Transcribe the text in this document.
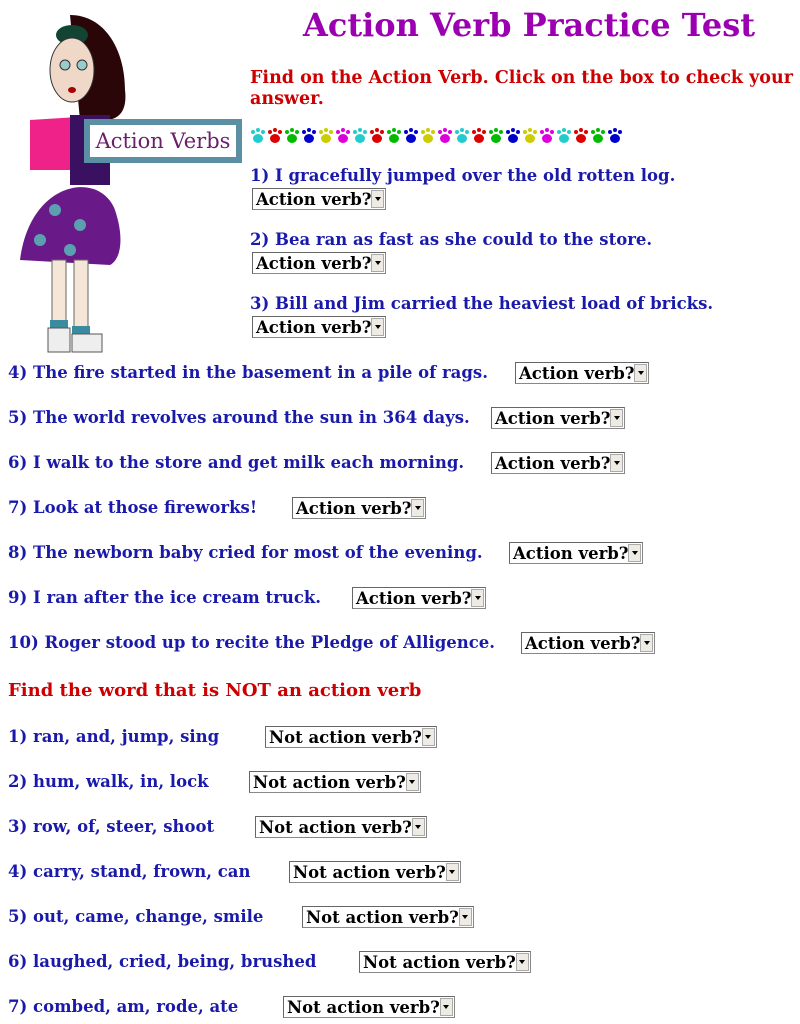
Action Verbs
Action Verb Practice Test
Find on the Action Verb. Click on the box to check your answer.
Find the word that is NOT an action verb
1) I gracefully jumped over the old rotten log.
Action verb?
2) Bea ran as fast as she could to the store.
Action verb?
3) Bill and Jim carried the heaviest load of bricks.
Action verb?
4) The fire started in the basement in a pile of rags. Action verb?
5) The world revolves around the sun in 364 days. Action verb?
6) I walk to the store and get milk each morning. Action verb?
7) Look at those fireworks! Action verb?
8) The newborn baby cried for most of the evening. Action verb?
9) I ran after the ice cream truck. Action verb?
10) Roger stood up to recite the Pledge of Alligence. Action verb?
1) ran, and, jump, sing	Not action verb?
2) hum, walk, in, lock	Not action verb?
3) row, of, steer, shoot	Not action verb?
4) carry, stand, frown, can	Not action verb?
5) out, came, change, smile	Not action verb?
6) laughed, cried, being, brushed	Not action verb?
7) combed, am, rode, ate	Not action verb?
